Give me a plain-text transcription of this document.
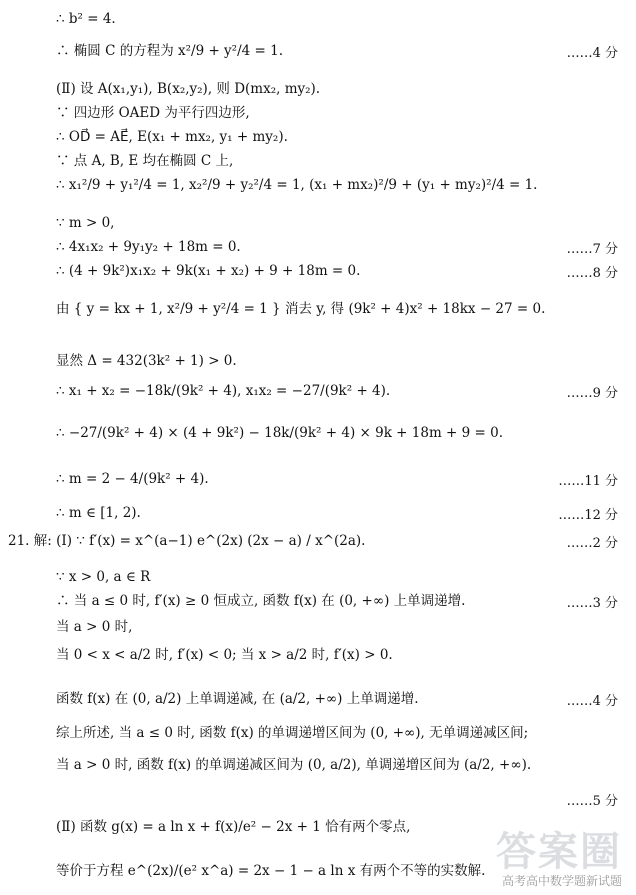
∴ b² = 4.
∴ 椭圆 C 的方程为 x²/9 + y²/4 = 1.	……4 分
(Ⅱ) 设 A(x₁,y₁), B(x₂,y₂), 则 D(mx₂, my₂).
∵ 四边形 OAED 为平行四边形,
∴ OD⃗ = AE⃗, E(x₁ + mx₂, y₁ + my₂).
∵ 点 A, B, E 均在椭圆 C 上,
∴ x₁²/9 + y₁²/4 = 1, x₂²/9 + y₂²/4 = 1, (x₁ + mx₂)²/9 + (y₁ + my₂)²/4 = 1.
∵ m > 0,
∴ 4x₁x₂ + 9y₁y₂ + 18m = 0.	……7 分
∴ (4 + 9k²)x₁x₂ + 9k(x₁ + x₂) + 9 + 18m = 0.	……8 分
由 { y = kx + 1, x²/9 + y²/4 = 1 } 消去 y, 得 (9k² + 4)x² + 18kx − 27 = 0.
显然 Δ = 432(3k² + 1) > 0.
∴ x₁ + x₂ = −18k/(9k² + 4), x₁x₂ = −27/(9k² + 4).	……9 分
∴ −27/(9k² + 4) × (4 + 9k²) − 18k/(9k² + 4) × 9k + 18m + 9 = 0.
∴ m = 2 − 4/(9k² + 4).	……11 分
∴ m ∈ [1, 2).	……12 分
21. 解: (Ⅰ) ∵ f′(x) = x^(a−1) e^(2x) (2x − a) / x^(2a).	……2 分
∵ x > 0, a ∈ R
∴ 当 a ≤ 0 时, f′(x) ≥ 0 恒成立, 函数 f(x) 在 (0, +∞) 上单调递增.	……3 分
当 a > 0 时,
当 0 < x < a/2 时, f′(x) < 0; 当 x > a/2 时, f′(x) > 0.
函数 f(x) 在 (0, a/2) 上单调递减, 在 (a/2, +∞) 上单调递增.	……4 分
综上所述, 当 a ≤ 0 时, 函数 f(x) 的单调递增区间为 (0, +∞), 无单调递减区间;
当 a > 0 时, 函数 f(x) 的单调递减区间为 (0, a/2), 单调递增区间为 (a/2, +∞).
……5 分
(Ⅱ) 函数 g(x) = a ln x + f(x)/e² − 2x + 1 恰有两个零点,
等价于方程 e^(2x)/(e² x^a) = 2x − 1 − a ln x 有两个不等的实数解. 答案圈
高考高中数学题新试题
